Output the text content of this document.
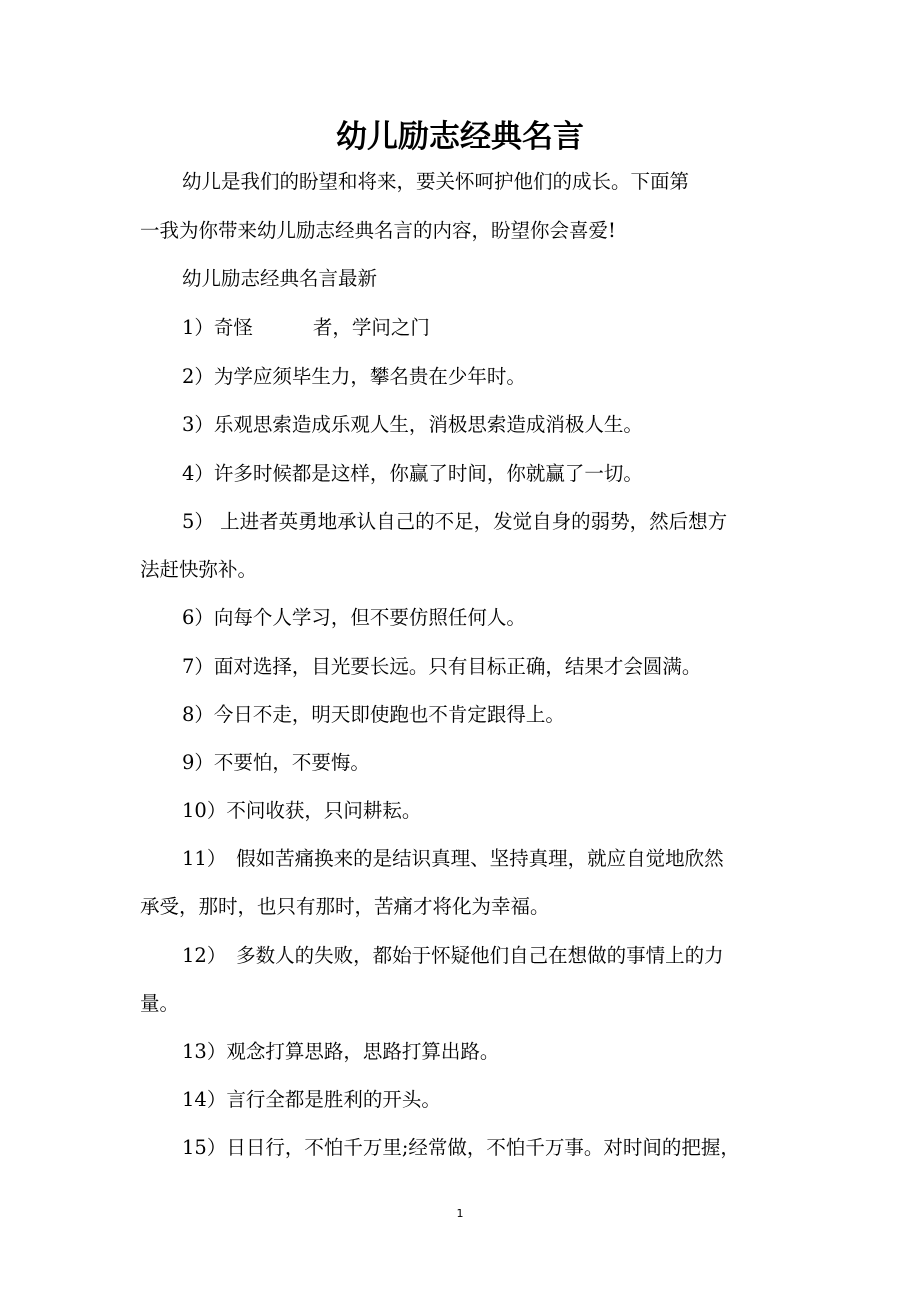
幼儿励志经典名言

幼儿是我们的盼望和将来，要关怀呵护他们的成长。下面第

一我为你带来幼儿励志经典名言的内容，盼望你会喜爱!

幼儿励志经典名言最新

1）奇怪	者，学问之门

2）为学应须毕生力，攀名贵在少年时。

3）乐观思索造成乐观人生，消极思索造成消极人生。

4）许多时候都是这样，你赢了时间，你就赢了一切。

5） 上进者英勇地承认自己的不足，发觉自身的弱势，然后想方

法赶快弥补。

6）向每个人学习，但不要仿照任何人。

7）面对选择，目光要长远。只有目标正确，结果才会圆满。

8）今日不走，明天即使跑也不肯定跟得上。

9）不要怕，不要悔。

10）不问收获，只问耕耘。

11）　假如苦痛换来的是结识真理、坚持真理，就应自觉地欣然

承受，那时，也只有那时，苦痛才将化为幸福。

12）　多数人的失败，都始于怀疑他们自己在想做的事情上的力

量。

13）观念打算思路，思路打算出路。

14）言行全都是胜利的开头。

15）日日行，不怕千万里;经常做，不怕千万事。对时间的把握，

1
